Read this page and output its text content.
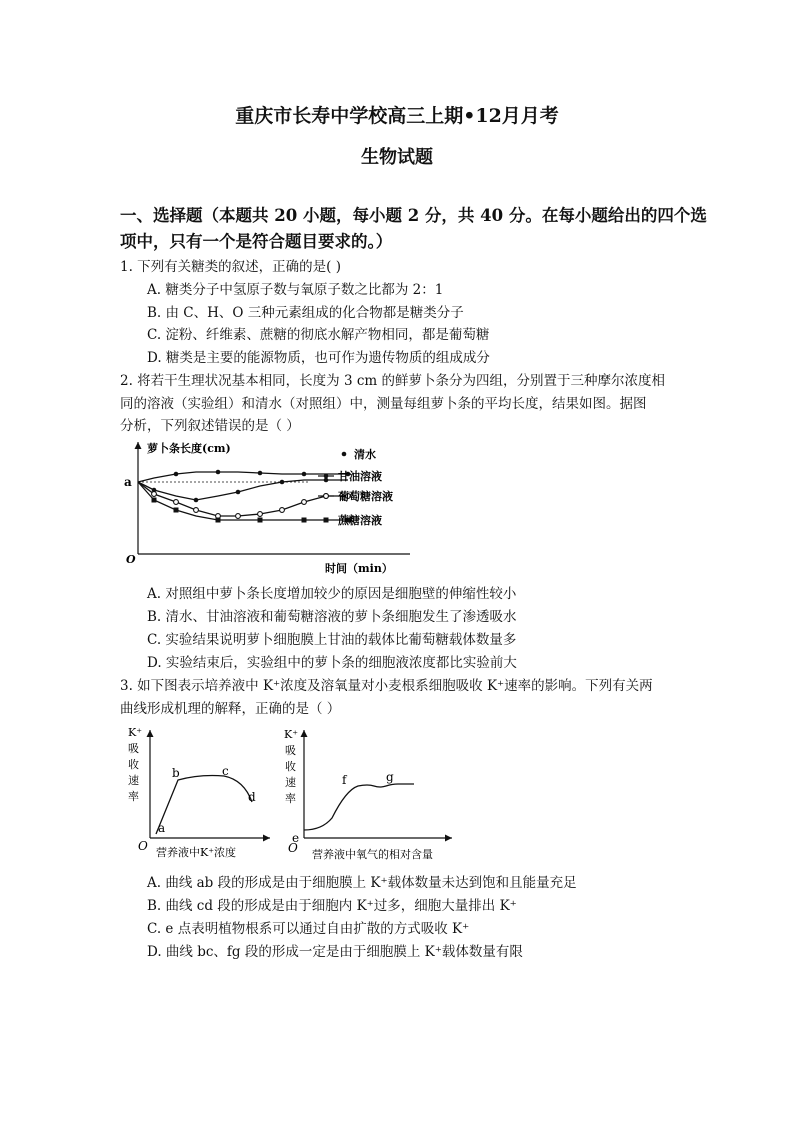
重庆市长寿中学校高三上期•12月月考
生物试题
一、选择题（本题共 20 小题，每小题 2 分，共 40 分。在每小题给出的四个选
项中，只有一个是符合题目要求的。）
1. 下列有关糖类的叙述，正确的是( )
A. 糖类分子中氢原子数与氧原子数之比都为 2：1
B. 由 C、H、O 三种元素组成的化合物都是糖类分子
C. 淀粉、纤维素、蔗糖的彻底水解产物相同，都是葡萄糖
D. 糖类是主要的能源物质，也可作为遗传物质的组成成分
2. 将若干生理状况基本相同，长度为 3 cm 的鲜萝卜条分为四组，分别置于三种摩尔浓度相
同的溶液（实验组）和清水（对照组）中，测量每组萝卜条的平均长度，结果如图。据图
分析，下列叙述错误的是（ ）
萝卜条长度(cm)
O
a
时间（min）
清水
甘油溶液
葡萄糖溶液
蔗糖溶液
A. 对照组中萝卜条长度增加较少的原因是细胞壁的伸缩性较小
B. 清水、甘油溶液和葡萄糖溶液的萝卜条细胞发生了渗透吸水
C. 实验结果说明萝卜细胞膜上甘油的载体比葡萄糖载体数量多
D. 实验结束后，实验组中的萝卜条的细胞液浓度都比实验前大
3. 如下图表示培养液中 K⁺浓度及溶氧量对小麦根系细胞吸收 K⁺速率的影响。下列有关两
曲线形成机理的解释，正确的是（ ）
K⁺
吸
收
速
率
O
a
b	c
d
营养液中K⁺浓度
K⁺
吸
收
速
率
e
O
f	g
营养液中氧气的相对含量
A. 曲线 ab 段的形成是由于细胞膜上 K⁺载体数量未达到饱和且能量充足
B. 曲线 cd 段的形成是由于细胞内 K⁺过多，细胞大量排出 K⁺
C. e 点表明植物根系可以通过自由扩散的方式吸收 K⁺
D. 曲线 bc、fg 段的形成一定是由于细胞膜上 K⁺载体数量有限
